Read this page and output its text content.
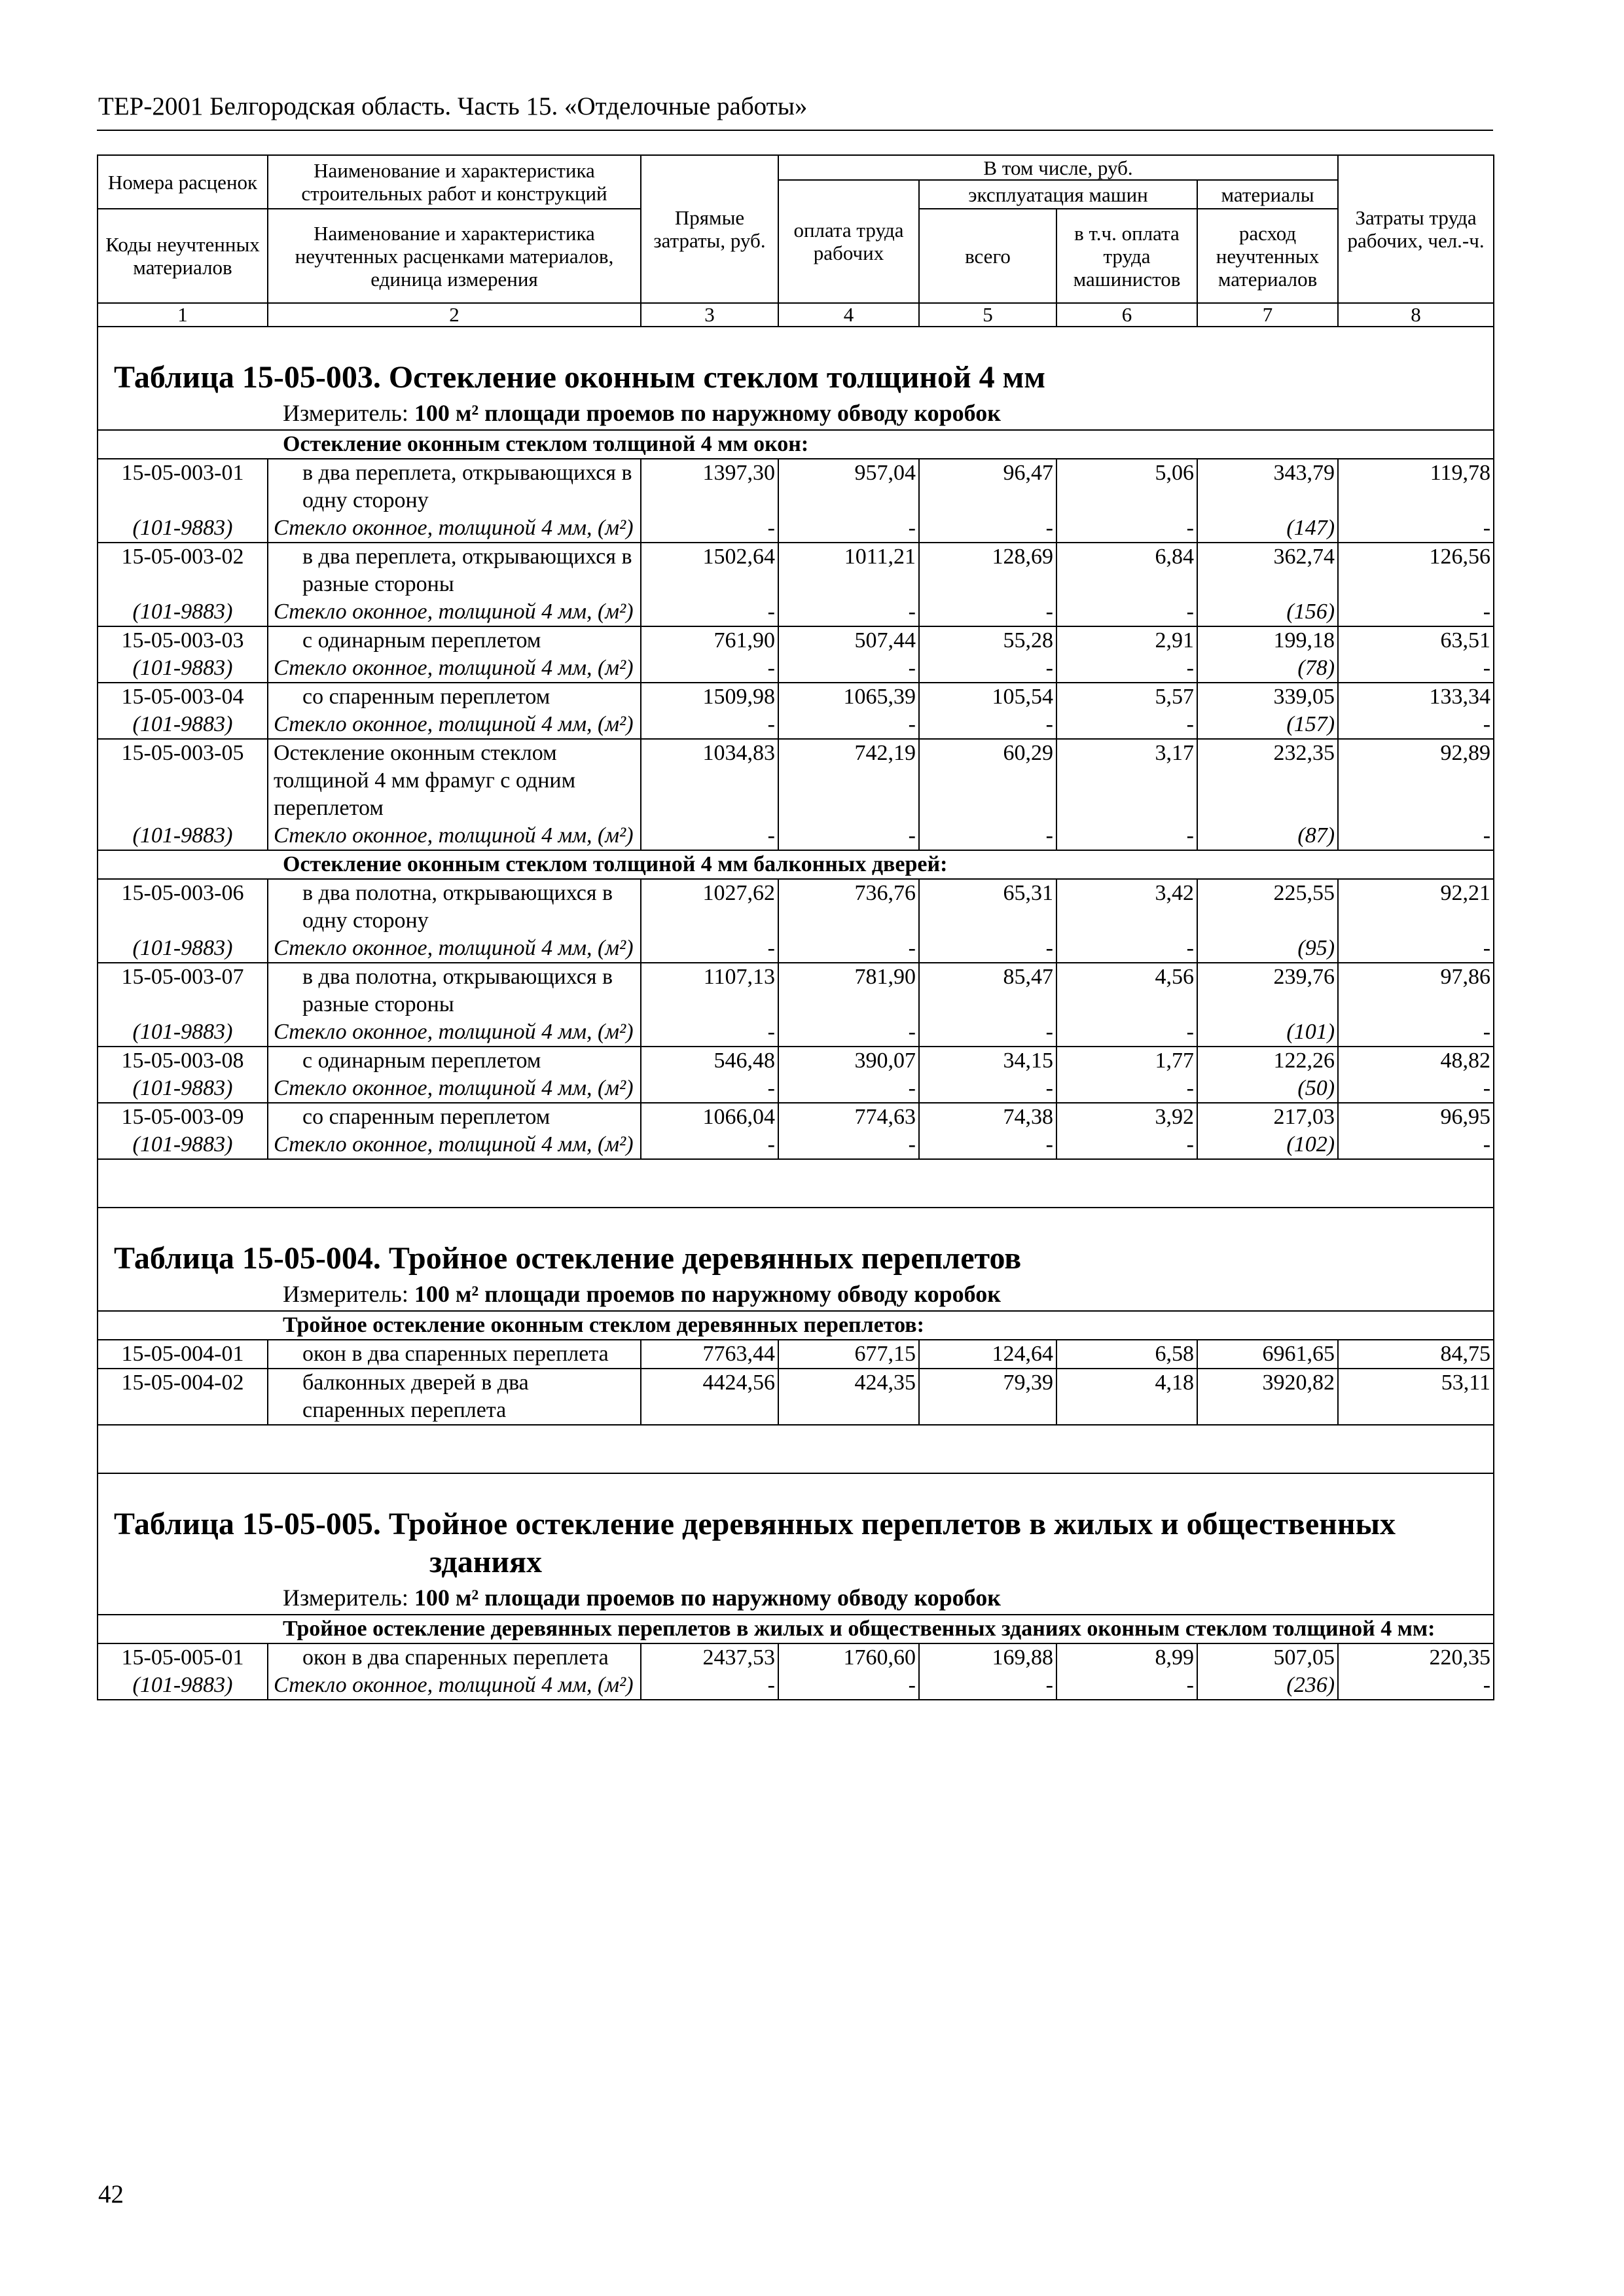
ТЕР-2001 Белгородская область. Часть 15. «Отделочные работы»
Номера расценок	Наименование и характеристика строительных работ и конструкций	Прямые затраты, руб.	В том числе, руб.				Затраты труда рабочих, чел.-ч.
			оплата труда рабочих	эксплуатация машин		материалы	
Коды неучтенных материалов	Наименование и характеристика неучтенных расценками материалов, единица измерения			всего	в т.ч. оплата труда машинистов	расход неучтенных материалов	

1	2	3	4	5	6	7	8

Таблица 15-05-003. Остекление оконным стеклом толщиной 4 мм							

Измеритель: 100 м² площади проемов по наружному обводу коробок							
Остекление оконным стеклом толщиной 4 мм окон:							
15-05-003-01	в два переплета, открывающихся в одну сторону	1397,30	957,04	96,47	5,06	343,79	119,78
(101-9883)	Стекло оконное, толщиной 4 мм, (м²)	-	-	-	-	(147)	-
15-05-003-02	в два переплета, открывающихся в разные стороны	1502,64	1011,21	128,69	6,84	362,74	126,56
(101-9883)	Стекло оконное, толщиной 4 мм, (м²)	-	-	-	-	(156)	-
15-05-003-03	с одинарным переплетом	761,90	507,44	55,28	2,91	199,18	63,51
(101-9883)	Стекло оконное, толщиной 4 мм, (м²)	-	-	-	-	(78)	-
15-05-003-04	со спаренным переплетом	1509,98	1065,39	105,54	5,57	339,05	133,34
(101-9883)	Стекло оконное, толщиной 4 мм, (м²)	-	-	-	-	(157)	-
15-05-003-05	Остекление оконным стеклом толщиной 4 мм фрамуг с одним переплетом	1034,83	742,19	60,29	3,17	232,35	92,89
(101-9883)	Стекло оконное, толщиной 4 мм, (м²)	-	-	-	-	(87)	-
Остекление оконным стеклом толщиной 4 мм балконных дверей:							
15-05-003-06	в два полотна, открывающихся в одну сторону	1027,62	736,76	65,31	3,42	225,55	92,21
(101-9883)	Стекло оконное, толщиной 4 мм, (м²)	-	-	-	-	(95)	-
15-05-003-07	в два полотна, открывающихся в разные стороны	1107,13	781,90	85,47	4,56	239,76	97,86
(101-9883)	Стекло оконное, толщиной 4 мм, (м²)	-	-	-	-	(101)	-
15-05-003-08	с одинарным переплетом	546,48	390,07	34,15	1,77	122,26	48,82
(101-9883)	Стекло оконное, толщиной 4 мм, (м²)	-	-	-	-	(50)	-
15-05-003-09	со спаренным переплетом	1066,04	774,63	74,38	3,92	217,03	96,95
(101-9883)	Стекло оконное, толщиной 4 мм, (м²)	-	-	-	-	(102)	-

Таблица 15-05-004. Тройное остекление деревянных переплетов							

Измеритель: 100 м² площади проемов по наружному обводу коробок							
Тройное остекление оконным стеклом деревянных переплетов:							
15-05-004-01	окон в два спаренных переплета	7763,44	677,15	124,64	6,58	6961,65	84,75
15-05-004-02	балконных дверей в два спаренных переплета	4424,56	424,35	79,39	4,18	3920,82	53,11

Таблица 15-05-005. Тройное остекление деревянных переплетов в жилых и общественных
зданиях							

Измеритель: 100 м² площади проемов по наружному обводу коробок							
Тройное остекление деревянных переплетов в жилых и общественных зданиях оконным стеклом толщиной 4 мм:							
15-05-005-01	окон в два спаренных переплета	2437,53	1760,60	169,88	8,99	507,05	220,35
(101-9883)	Стекло оконное, толщиной 4 мм, (м²)	-	-	-	-	(236)	-
42
